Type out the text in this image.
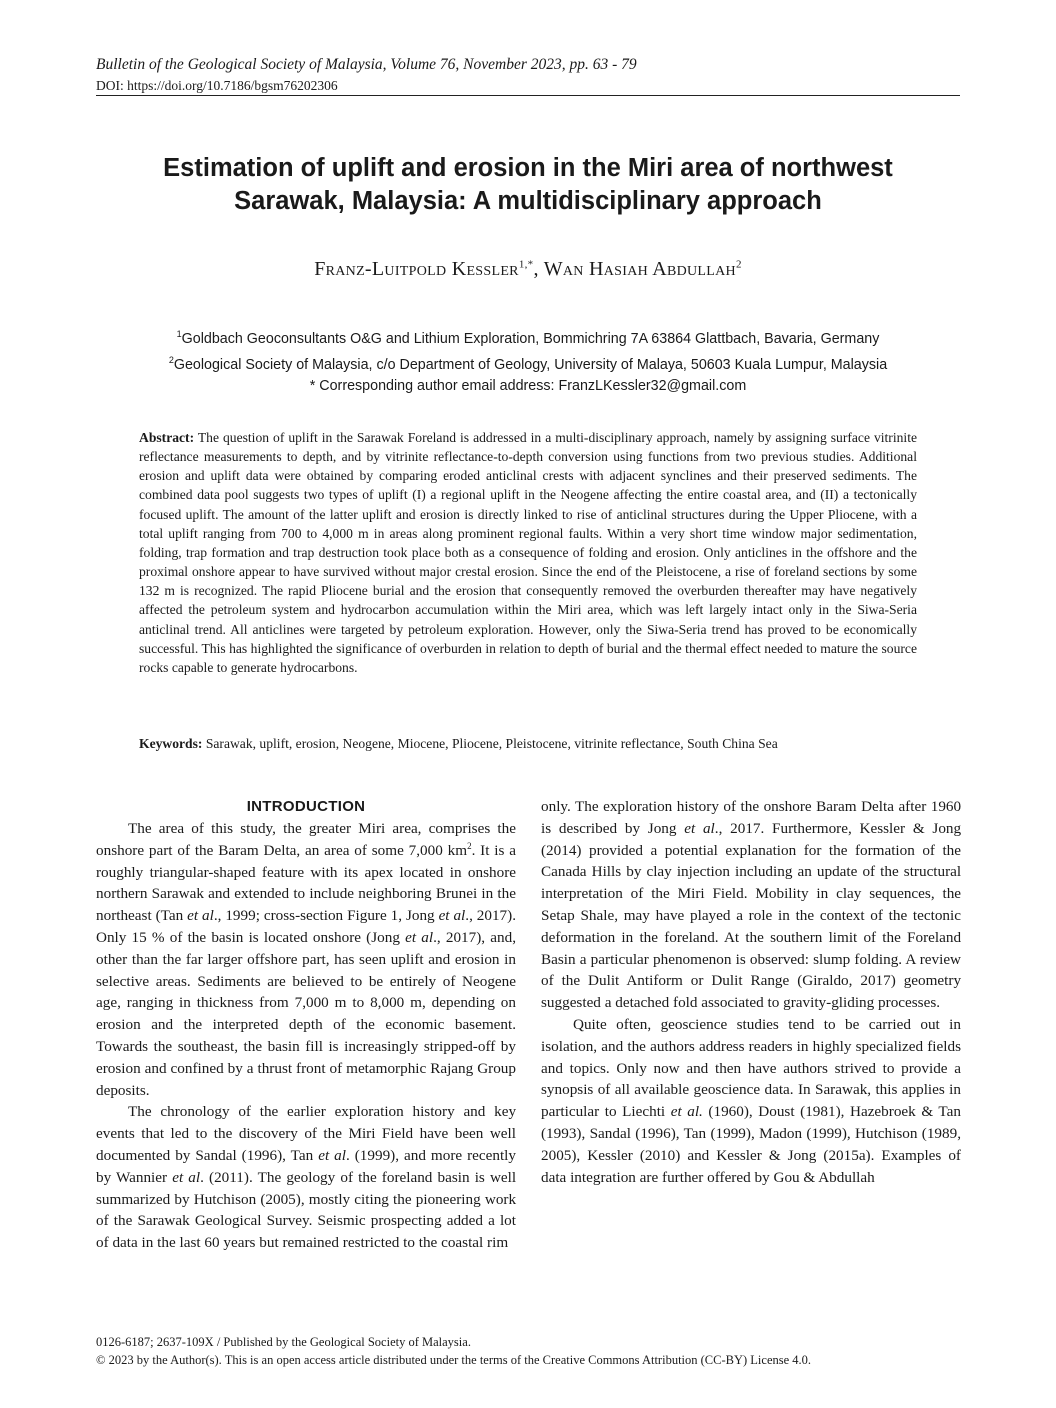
Bulletin of the Geological Society of Malaysia, Volume 76, November 2023, pp. 63 - 79
DOI: https://doi.org/10.7186/bgsm76202306
Estimation of uplift and erosion in the Miri area of northwest
Sarawak, Malaysia: A multidisciplinary approach
Franz-Luitpold Kessler$^{1,*}$, Wan Hasiah Abdullah$^2$
$^1$Goldbach Geoconsultants O&G and Lithium Exploration, Bommichring 7A 63864 Glattbach, Bavaria, Germany
$^2$Geological Society of Malaysia, c/o Department of Geology, University of Malaya, 50603 Kuala Lumpur, Malaysia
* Corresponding author email address: FranzLKessler32@gmail.com
Abstract: The question of uplift in the Sarawak Foreland is addressed in a multi-disciplinary approach, namely by assigning surface vitrinite reflectance measurements to depth, and by vitrinite reflectance-to-depth conversion using functions from two previous studies. Additional erosion and uplift data were obtained by comparing eroded anticlinal crests with adjacent synclines and their preserved sediments. The combined data pool suggests two types of uplift (I) a regional uplift in the Neogene affecting the entire coastal area, and (II) a tectonically focused uplift. The amount of the latter uplift and erosion is directly linked to rise of anticlinal structures during the Upper Pliocene, with a total uplift ranging from 700 to 4,000 m in areas along prominent regional faults. Within a very short time window major sedimentation, folding, trap formation and trap destruction took place both as a consequence of folding and erosion. Only anticlines in the offshore and the proximal onshore appear to have survived without major crestal erosion. Since the end of the Pleistocene, a rise of foreland sections by some 132 m is recognized. The rapid Pliocene burial and the erosion that consequently removed the overburden thereafter may have negatively affected the petroleum system and hydrocarbon accumulation within the Miri area, which was left largely intact only in the Siwa-Seria anticlinal trend. All anticlines were targeted by petroleum exploration. However, only the Siwa-Seria trend has proved to be economically successful. This has highlighted the significance of overburden in relation to depth of burial and the thermal effect needed to mature the source rocks capable to generate hydrocarbons.
Keywords: Sarawak, uplift, erosion, Neogene, Miocene, Pliocene, Pleistocene, vitrinite reflectance, South China Sea

INTRODUCTION

The area of this study, the greater Miri area, comprises the onshore part of the Baram Delta, an area of some 7,000 $km^2$. It is a roughly triangular-shaped feature with its apex located in onshore northern Sarawak and extended to include neighboring Brunei in the northeast (Tan et al., 1999; cross-section Figure 1, Jong et al., 2017). Only 15 % of the basin is located onshore (Jong et al., 2017), and, other than the far larger offshore part, has seen uplift and erosion in selective areas. Sediments are believed to be entirely of Neogene age, ranging in thickness from 7,000 m to 8,000 m, depending on erosion and the interpreted depth of the economic basement. Towards the southeast, the basin fill is increasingly stripped-off by erosion and confined by a thrust front of metamorphic Rajang Group deposits.

The chronology of the earlier exploration history and key events that led to the discovery of the Miri Field have been well documented by Sandal (1996), Tan et al. (1999), and more recently by Wannier et al. (2011). The geology of the foreland basin is well summarized by Hutchison (2005), mostly citing the pioneering work of the Sarawak Geological Survey. Seismic prospecting added a lot of data in the last 60 years but remained restricted to the coastal rim

only. The exploration history of the onshore Baram Delta after 1960 is described by Jong et al., 2017. Furthermore, Kessler & Jong (2014) provided a potential explanation for the formation of the Canada Hills by clay injection including an update of the structural interpretation of the Miri Field. Mobility in clay sequences, the Setap Shale, may have played a role in the context of the tectonic deformation in the foreland. At the southern limit of the Foreland Basin a particular phenomenon is observed: slump folding. A review of the Dulit Antiform or Dulit Range (Giraldo, 2017) geometry suggested a detached fold associated to gravity-gliding processes.

Quite often, geoscience studies tend to be carried out in isolation, and the authors address readers in highly specialized fields and topics. Only now and then have authors strived to provide a synopsis of all available geoscience data. In Sarawak, this applies in particular to Liechti et al. (1960), Doust (1981), Hazebroek & Tan (1993), Sandal (1996), Tan (1999), Madon (1999), Hutchison (1989, 2005), Kessler (2010) and Kessler & Jong (2015a). Examples of data integration are further offered by Gou & Abdullah

0126-6187; 2637-109X / Published by the Geological Society of Malaysia.
© 2023 by the Author(s). This is an open access article distributed under the terms of the Creative Commons Attribution (CC-BY) License 4.0.
